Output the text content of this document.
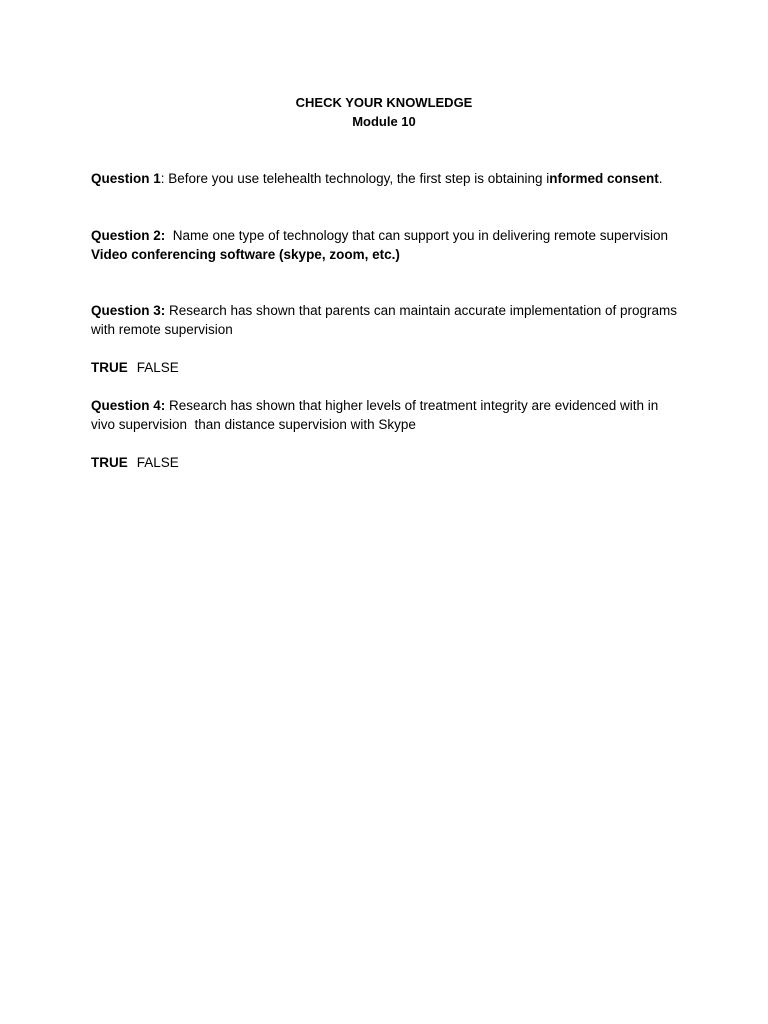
CHECK YOUR KNOWLEDGE
Module 10
Question 1: Before you use telehealth technology, the first step is obtaining informed consent.
Question 2:  Name one type of technology that can support you in delivering remote supervision
Video conferencing software (skype, zoom, etc.)
Question 3: Research has shown that parents can maintain accurate implementation of programs with remote supervision
TRUE FALSE
Question 4: Research has shown that higher levels of treatment integrity are evidenced with in vivo supervision  than distance supervision with Skype
TRUE FALSE
